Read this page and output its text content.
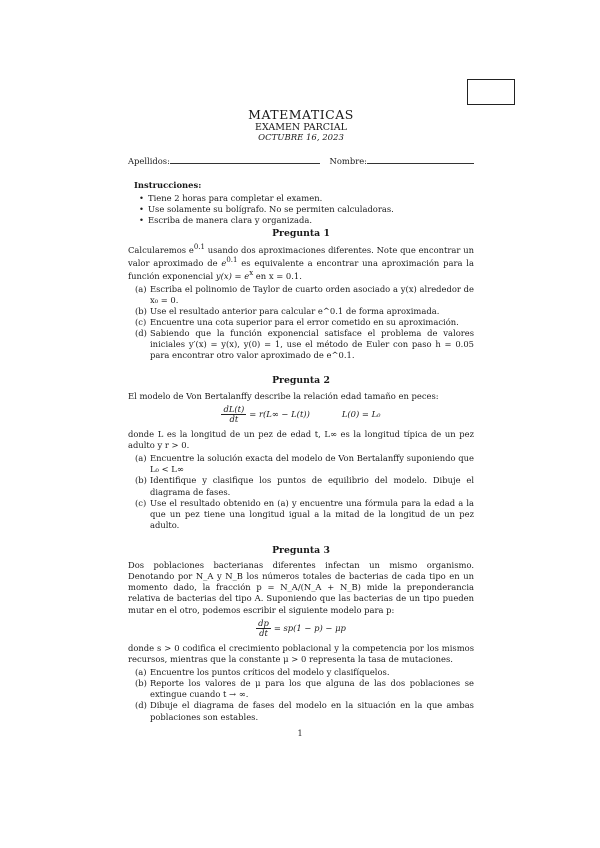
MATEMATICAS

EXAMEN PARCIAL

OCTUBRE 16, 2023

Apellidos:	Nombre:
Instrucciones:
• Tiene 2 horas para completar el examen.
• Use solamente su bolígrafo. No se permiten calculadoras.
• Escriba de manera clara y organizada.
Pregunta 1

Calcularemos $e^{0.1}$ usando dos aproximaciones diferentes. Note que encontrar un valor aproximado de $e^{0.1}$ es equivalente a encontrar una aproximación para la función exponencial $y(x) = e^x$ en x = 0.1.

(a) Escriba el polinomio de Taylor de cuarto orden asociado a y(x) alrededor de x₀ = 0.
(b) Use el resultado anterior para calcular e^0.1 de forma aproximada.
(c) Encuentre una cota superior para el error cometido en su aproximación.
(d) Sabiendo que la función exponencial satisface el problema de valores iniciales y′(x) = y(x), y(0) = 1, use el método de Euler con paso h = 0.05 para encontrar otro valor aproximado de e^0.1.
Pregunta 2

El modelo de Von Bertalanffy describe la relación edad tamaño en peces:

$\frac{dL(t)}{dt} = r(L\infty - L(t))$	L(0) = L₀

donde L es la longitud de un pez de edad t, L∞ es la longitud típica de un pez adulto y r > 0.

(a) Encuentre la solución exacta del modelo de Von Bertalanffy suponiendo que L₀ < L∞
(b) Identifique y clasifique los puntos de equilibrio del modelo. Dibuje el diagrama de fases.
(c) Use el resultado obtenido en (a) y encuentre una fórmula para la edad a la que un pez tiene una longitud igual a la mitad de la longitud de un pez adulto.
Pregunta 3

Dos poblaciones bacterianas diferentes infectan un mismo organismo. Denotando por N_A y N_B los números totales de bacterias de cada tipo en un momento dado, la fracción p = N_A/(N_A + N_B) mide la preponderancia relativa de bacterias del tipo A. Suponiendo que las bacterias de un tipo pueden mutar en el otro, podemos escribir el siguiente modelo para p:

$\frac{dp}{dt} = sp(1 - p) - \mu p$

donde s > 0 codifica el crecimiento poblacional y la competencia por los mismos recursos, mientras que la constante μ > 0 representa la tasa de mutaciones.

(a) Encuentre los puntos críticos del modelo y clasifíquelos.
(b) Reporte los valores de μ para los que alguna de las dos poblaciones se extingue cuando t → ∞.
(d) Dibuje el diagrama de fases del modelo en la situación en la que ambas poblaciones son estables.
1
